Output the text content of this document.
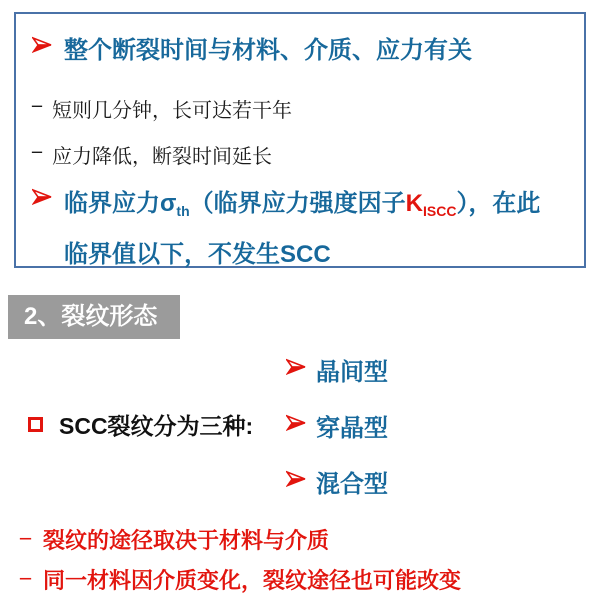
整个断裂时间与材料、介质、应力有关
– 短则几分钟，长可达若干年
– 应力降低，断裂时间延长
临界应力$\sigma_{th}$（临界应力强度因子$K_{ISCC}$），在此
临界值以下，不发生SCC
2、裂纹形态
SCC裂纹分为三种:
晶间型
穿晶型
混合型
– 裂纹的途径取决于材料与介质
– 同一材料因介质变化，裂纹途径也可能改变
